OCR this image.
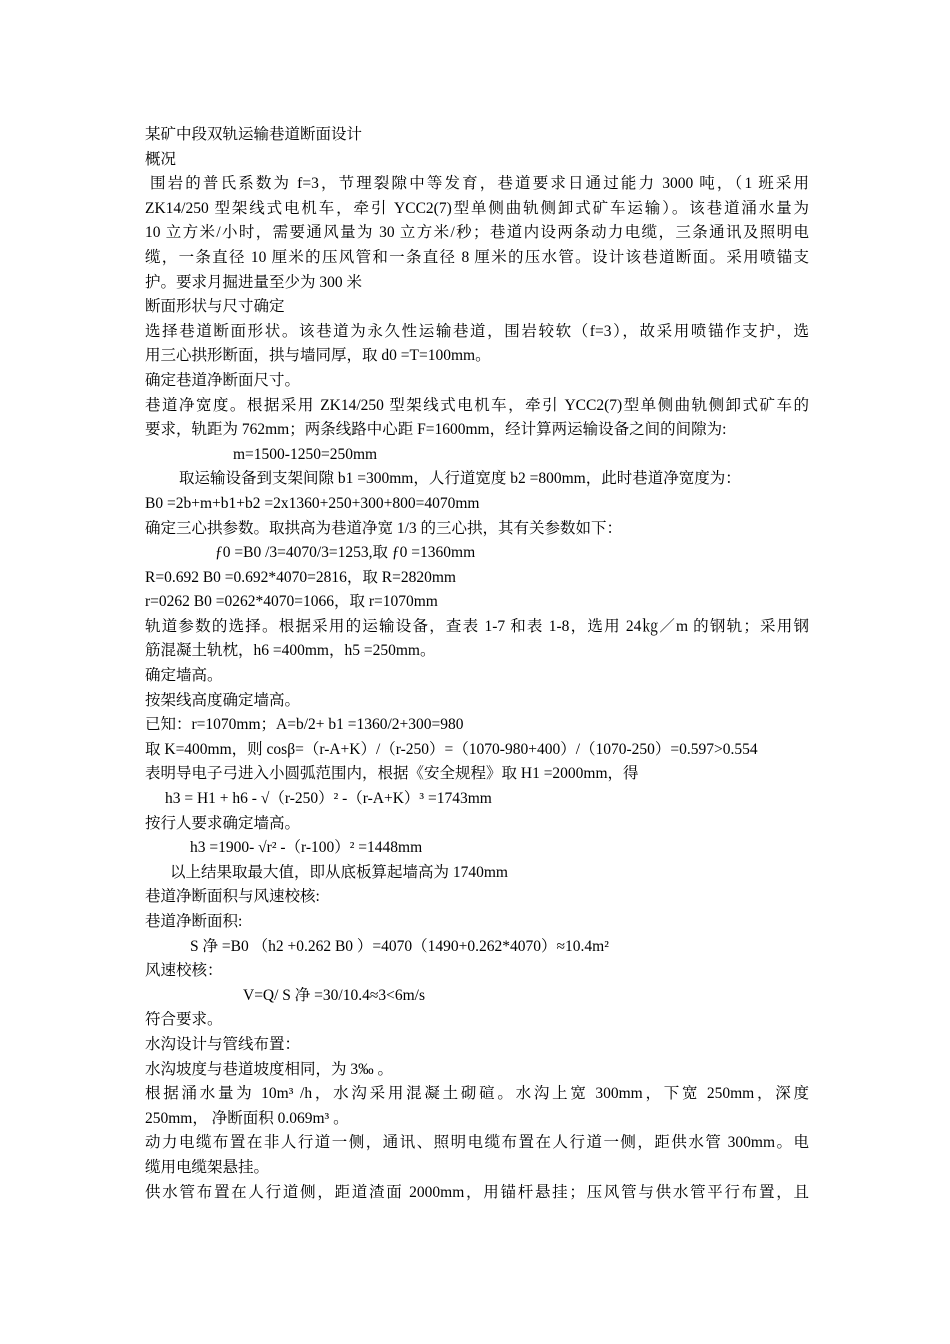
某矿中段双轨运输巷道断面设计
概况
围岩的普氏系数为 f=3，节理裂隙中等发育，巷道要求日通过能力 3000 吨，（1 班采用
ZK14/250 型架线式电机车，牵引 YCC2(7)型单侧曲轨侧卸式矿车运输）。该巷道涌水量为
10 立方米/小时，需要通风量为 30 立方米/秒；巷道内设两条动力电缆，三条通讯及照明电
缆，一条直径 10 厘米的压风管和一条直径 8 厘米的压水管。设计该巷道断面。采用喷锚支
护。要求月掘进量至少为 300 米
断面形状与尺寸确定
选择巷道断面形状。该巷道为永久性运输巷道，围岩较软（f=3），故采用喷锚作支护，选
用三心拱形断面，拱与墙同厚，取 d0 =T=100mm。
确定巷道净断面尺寸。
巷道净宽度。根据采用 ZK14/250 型架线式电机车，牵引 YCC2(7)型单侧曲轨侧卸式矿车的
要求，轨距为 762mm；两条线路中心距 F=1600mm，经计算两运输设备之间的间隙为:
m=1500-1250=250mm
取运输设备到支架间隙 b1 =300mm，人行道宽度 b2 =800mm，此时巷道净宽度为：
B0 =2b+m+b1+b2 =2x1360+250+300+800=4070mm
确定三心拱参数。取拱高为巷道净宽 1/3 的三心拱，其有关参数如下：
ƒ0 =B0 /3=4070/3=1253,取 ƒ0 =1360mm
R=0.692 B0 =0.692*4070=2816，取 R=2820mm
r=0262 B0 =0262*4070=1066，取 r=1070mm
轨道参数的选择。根据采用的运输设备，查表 1-7 和表 1-8，选用 24㎏／m 的钢轨；采用钢
筋混凝土轨枕，h6 =400mm，h5 =250mm。
确定墙高。
按架线高度确定墙高。
已知：r=1070mm；A=b/2+ b1 =1360/2+300=980
取 K=400mm，则 cosβ=（r-A+K）/（r-250）=（1070-980+400）/（1070-250）=0.597>0.554
表明导电子弓进入小圆弧范围内，根据《安全规程》取 H1 =2000mm，得
h3 = H1 + h6 - √（r-250）² -（r-A+K）³ =1743mm
按行人要求确定墙高。
h3 =1900- √r² -（r-100）² =1448mm
以上结果取最大值，即从底板算起墙高为 1740mm
巷道净断面积与风速校核:
巷道净断面积:
S 净 =B0 （h2 +0.262 B0 ）=4070（1490+0.262*4070）≈10.4m²
风速校核：
V=Q/ S 净 =30/10.4≈3<6m/s
符合要求。
水沟设计与管线布置：
水沟坡度与巷道坡度相同，为 3‰ 。
根据涌水量为 10m³ /h，水沟采用混凝土砌碹。水沟上宽 300mm，下宽 250mm，深度
250mm， 净断面积 0.069m³ 。
动力电缆布置在非人行道一侧，通讯、照明电缆布置在人行道一侧，距供水管 300mm。电
缆用电缆架悬挂。
供水管布置在人行道侧，距道渣面 2000mm，用锚杆悬挂；压风管与供水管平行布置，且
